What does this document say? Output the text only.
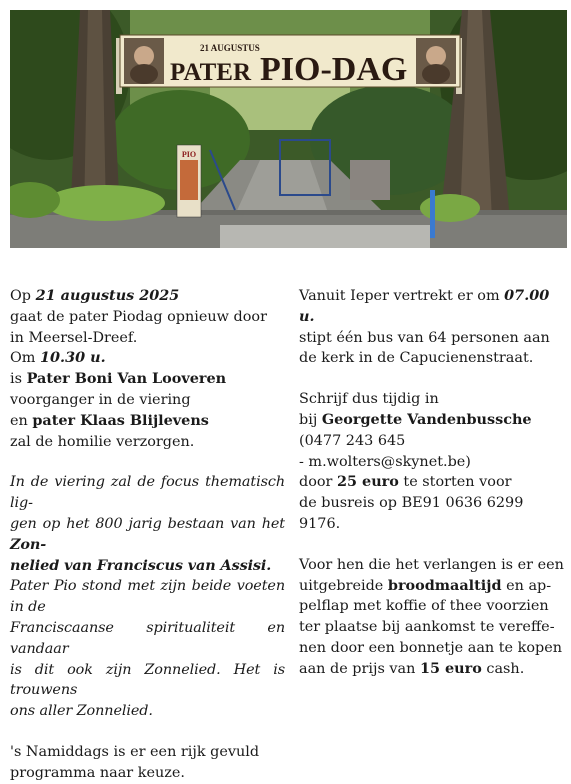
PIO
21 AUGUSTUS
PATER PIO-DAG

Op 21 augustus 2025

gaat de pater Piodag opnieuw door

in Meersel-Dreef.

Om 10.30 u.

is Pater Boni Van Looveren

voorganger in de viering

en pater Klaas Blijlevens

zal de homilie verzorgen.

In de viering zal de focus thematisch lig-

gen op het 800 jarig bestaan van het Zon-

nelied van Franciscus van Assisi.

Pater Pio stond met zijn beide voeten in de

Franciscaanse spiritualiteit en vandaar

is dit ook zijn Zonnelied. Het is trouwens

ons aller Zonnelied.

's Namiddags is er een rijk gevuld

programma naar keuze.

Vanuit Ieper vertrekt er om 07.00 u.

stipt één bus van 64 personen aan

de kerk in de Capucienenstraat.

Schrijf dus tijdig in

bij Georgette Vandenbussche

(0477 243 645

- m.wolters@skynet.be)

door 25 euro te storten voor

de busreis op BE91 0636 6299 9176.

Voor hen die het verlangen is er een

uitgebreide broodmaaltijd en ap-

pelflap met koffie of thee voorzien

ter plaatse bij aankomst te vereffe-

nen door een bonnetje aan te kopen

aan de prijs van 15 euro cash.
